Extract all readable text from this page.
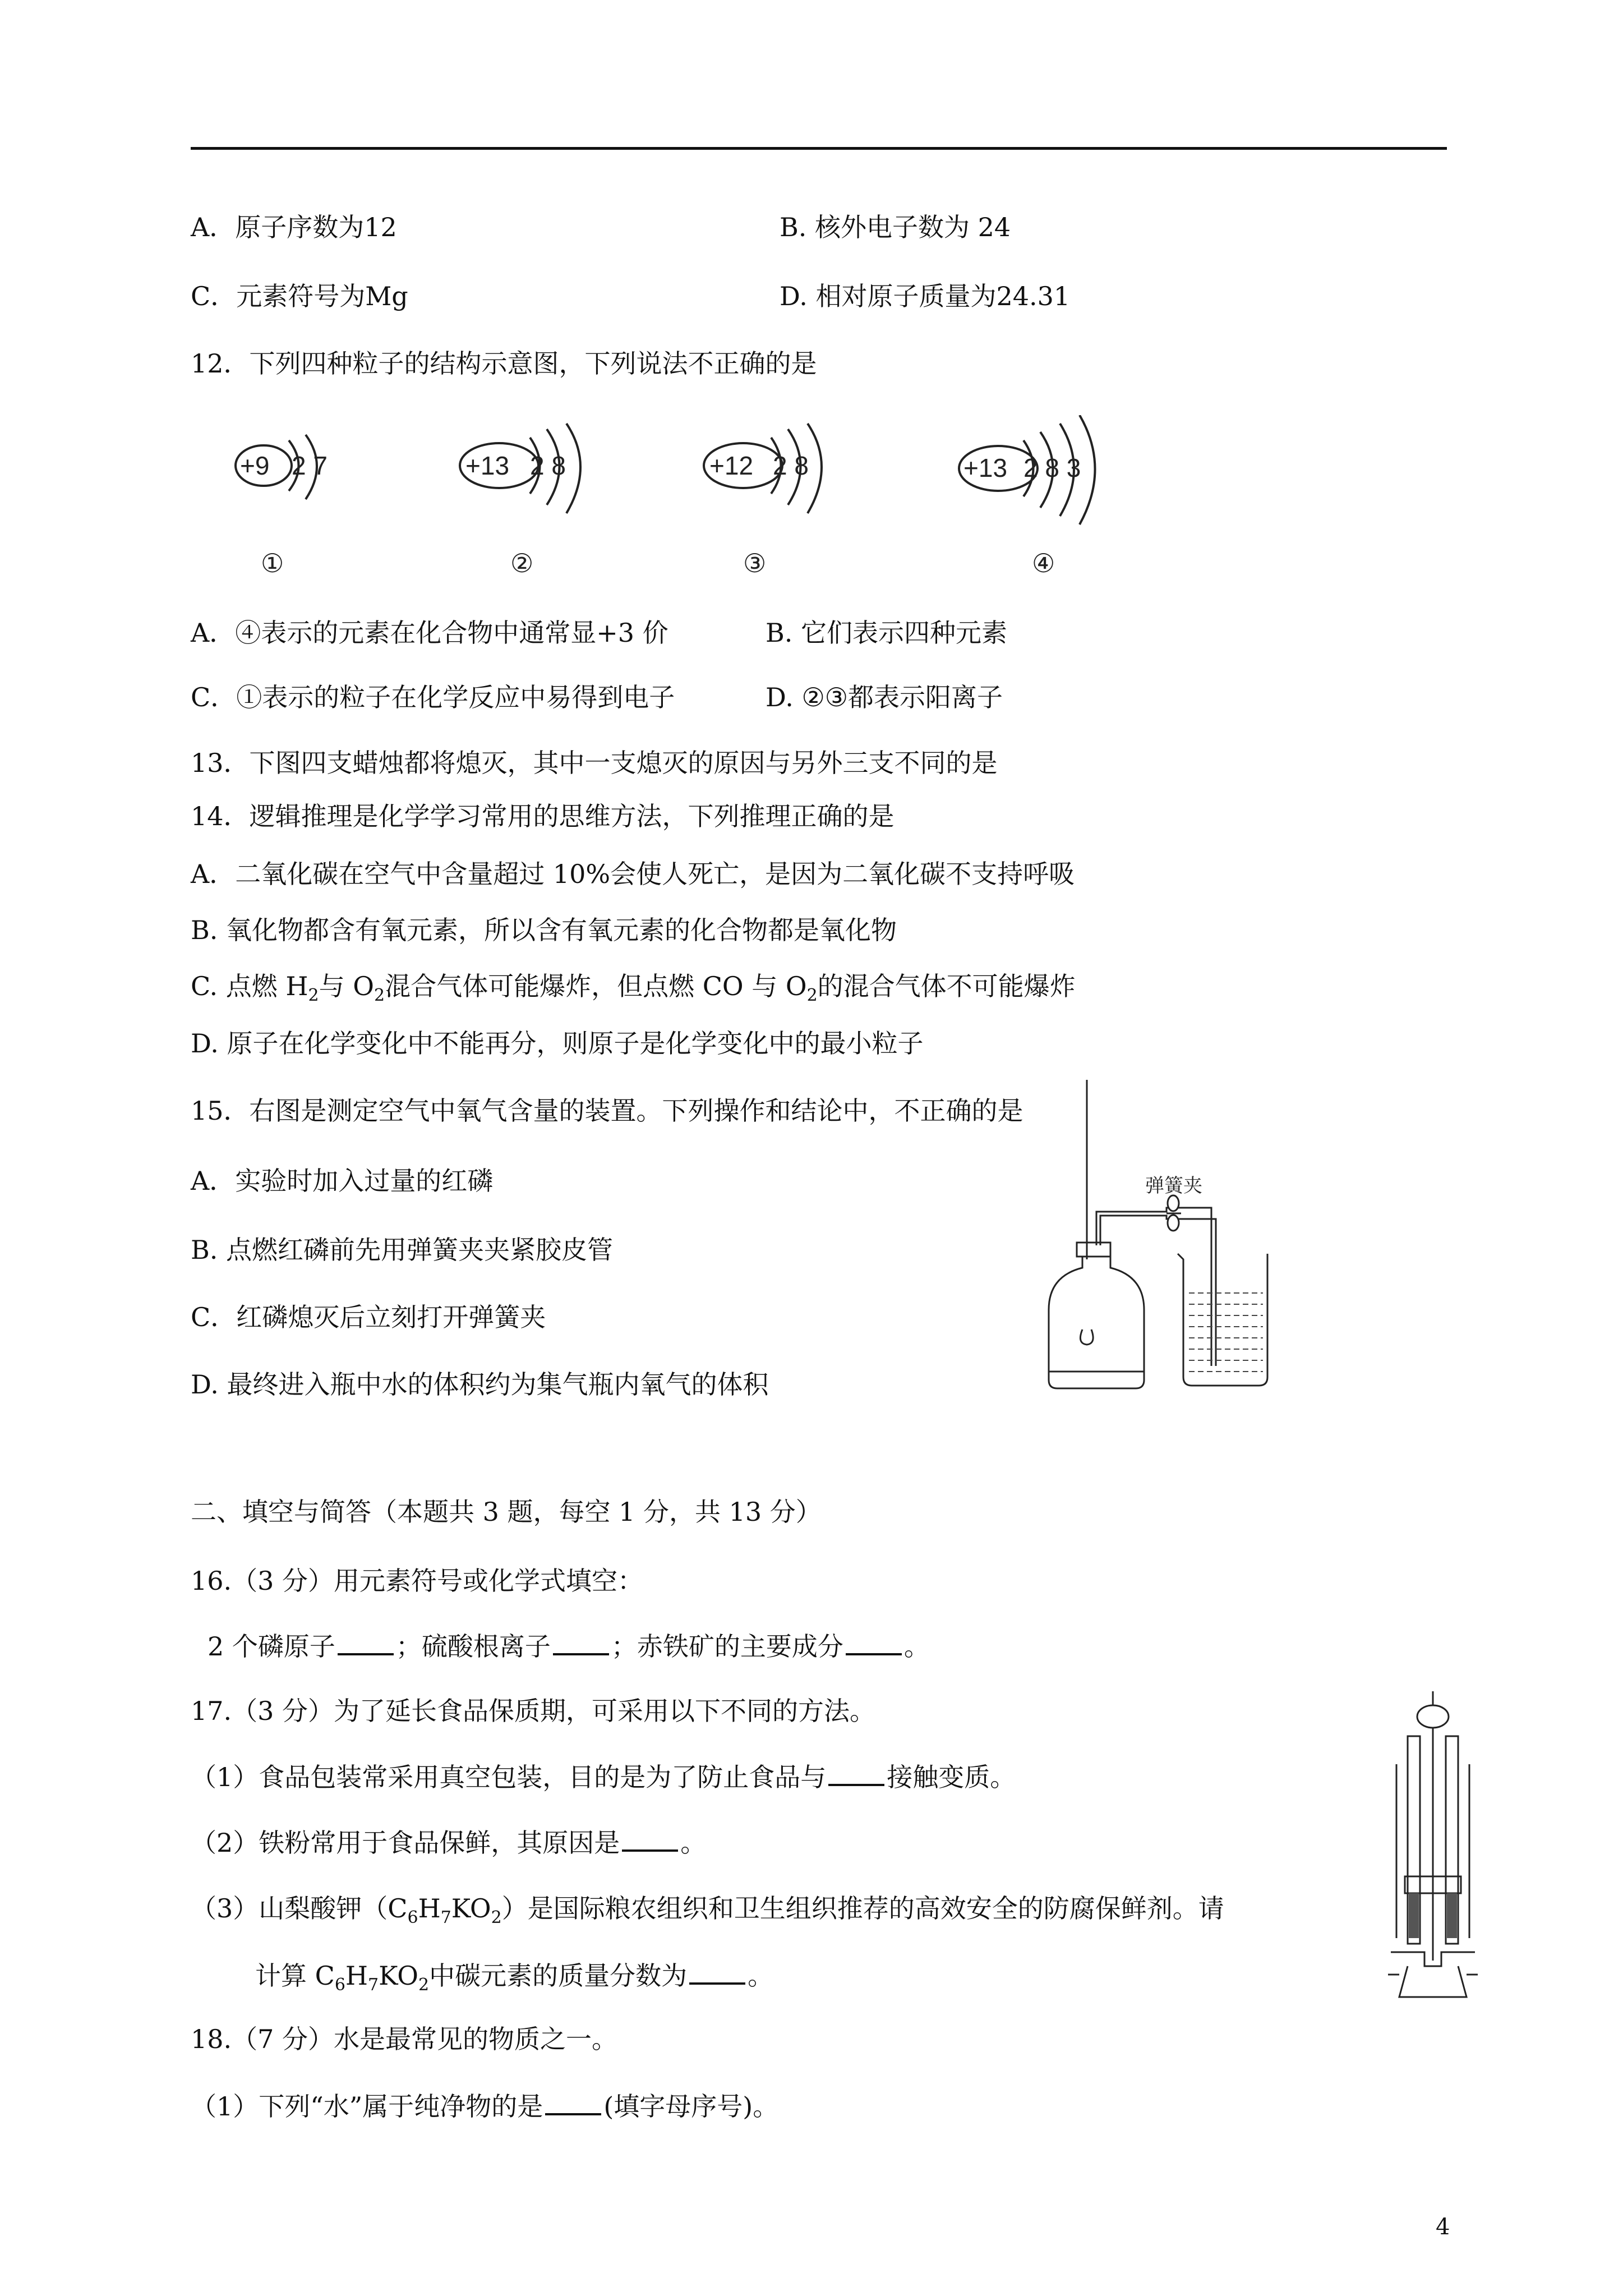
A．原子序数为12	B. 核外电子数为 24
C．元素符号为Mg	D. 相对原子质量为24.31
12．下列四种粒子的结构示意图，下列说法不正确的是
+9 2 7	+13 2 8	+12 2 8	+13 2 8 3
①	②	③	④
A．④表示的元素在化合物中通常显+3 价	B. 它们表示四种元素
C．①表示的粒子在化学反应中易得到电子	D. ②③都表示阳离子
13．下图四支蜡烛都将熄灭，其中一支熄灭的原因与另外三支不同的是
14．逻辑推理是化学学习常用的思维方法，下列推理正确的是
A．二氧化碳在空气中含量超过 10%会使人死亡，是因为二氧化碳不支持呼吸
B. 氧化物都含有氧元素，所以含有氧元素的化合物都是氧化物
C. 点燃 $H_2$与 $O_2$混合气体可能爆炸，但点燃 CO 与 $O_2$的混合气体不可能爆炸
D. 原子在化学变化中不能再分，则原子是化学变化中的最小粒子
15．右图是测定空气中氧气含量的装置。下列操作和结论中，不正确的是
A．实验时加入过量的红磷
B. 点燃红磷前先用弹簧夹夹紧胶皮管
C．红磷熄灭后立刻打开弹簧夹
D. 最终进入瓶中水的体积约为集气瓶内氧气的体积
弹簧夹
二、填空与简答（本题共 3 题，每空 1 分，共 13 分）
16.（3 分）用元素符号或化学式填空：
2 个磷原子 ；硫酸根离子 ；赤铁矿的主要成分 。
17.（3 分）为了延长食品保质期，可采用以下不同的方法。
（1）食品包装常采用真空包装，目的是为了防止食品与 接触变质。
（2）铁粉常用于食品保鲜，其原因是 。
（3）山梨酸钾$(C_6H_7KO_2)$是国际粮农组织和卫生组织推荐的高效安全的防腐保鲜剂。请
计算 $C_6H_7KO_2$中碳元素的质量分数为 。
18.（7 分）水是最常见的物质之一。
（1）下列“水”属于纯净物的是 (填字母序号)。
4
